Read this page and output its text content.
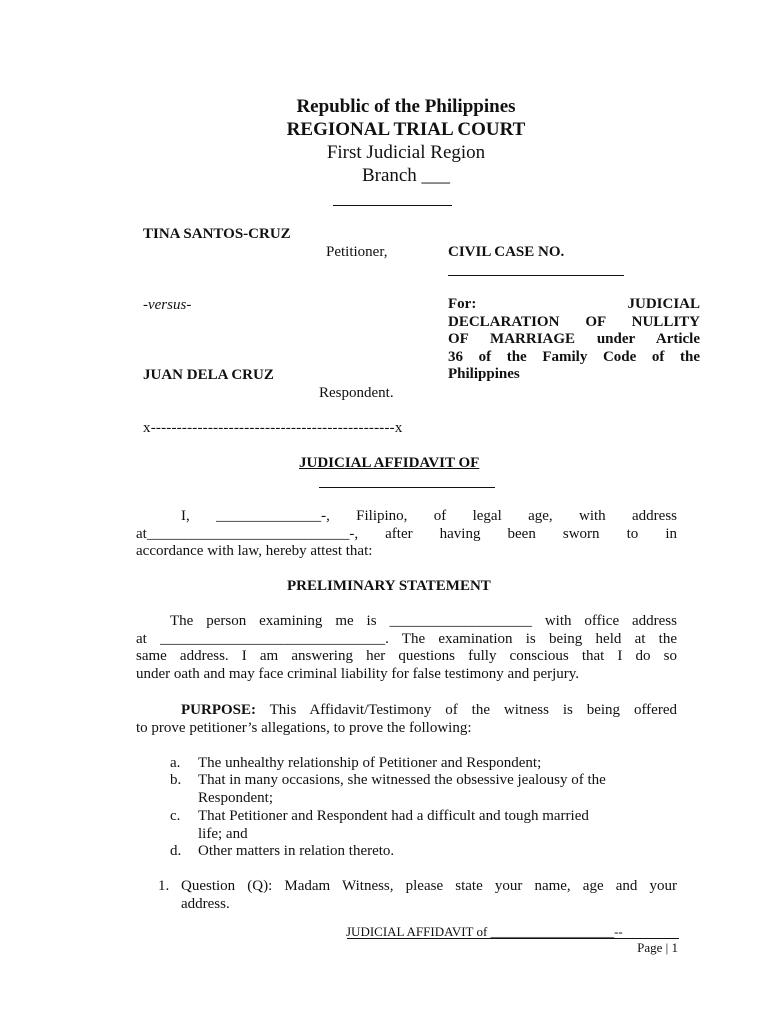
Republic of the Philippines
REGIONAL TRIAL COURT
First Judicial Region
Branch ___
TINA SANTOS-CRUZ
Petitioner,
-versus-
JUAN DELA CRUZ
Respondent.
CIVIL CASE NO.
For:	JUDICIAL
DECLARATION OF NULLITY
OF MARRIAGE under Article
36 of the Family Code of the
Philippines
x-----------------------------------------------x
JUDICIAL AFFIDAVIT OF
I, ______________-, Filipino, of legal age, with address
at___________________________-, after having been sworn to in
accordance with law, hereby attest that:
PRELIMINARY STATEMENT
The person examining me is ___________________ with office address
at ______________________________. The examination is being held at the
same address. I am answering her questions fully conscious that I do so
under oath and may face criminal liability for false testimony and perjury.
PURPOSE: This Affidavit/Testimony of the witness is being offered
to prove petitioner’s allegations, to prove the following:
a. The unhealthy relationship of Petitioner and Respondent;
b. That in many occasions, she witnessed the obsessive jealousy of the
Respondent;
c. That Petitioner and Respondent had a difficult and tough married
life; and
d. Other matters in relation thereto.
1. Question (Q): Madam Witness, please state your name, age and your
address.
JUDICIAL AFFIDAVIT of ___________________--
Page | 1
